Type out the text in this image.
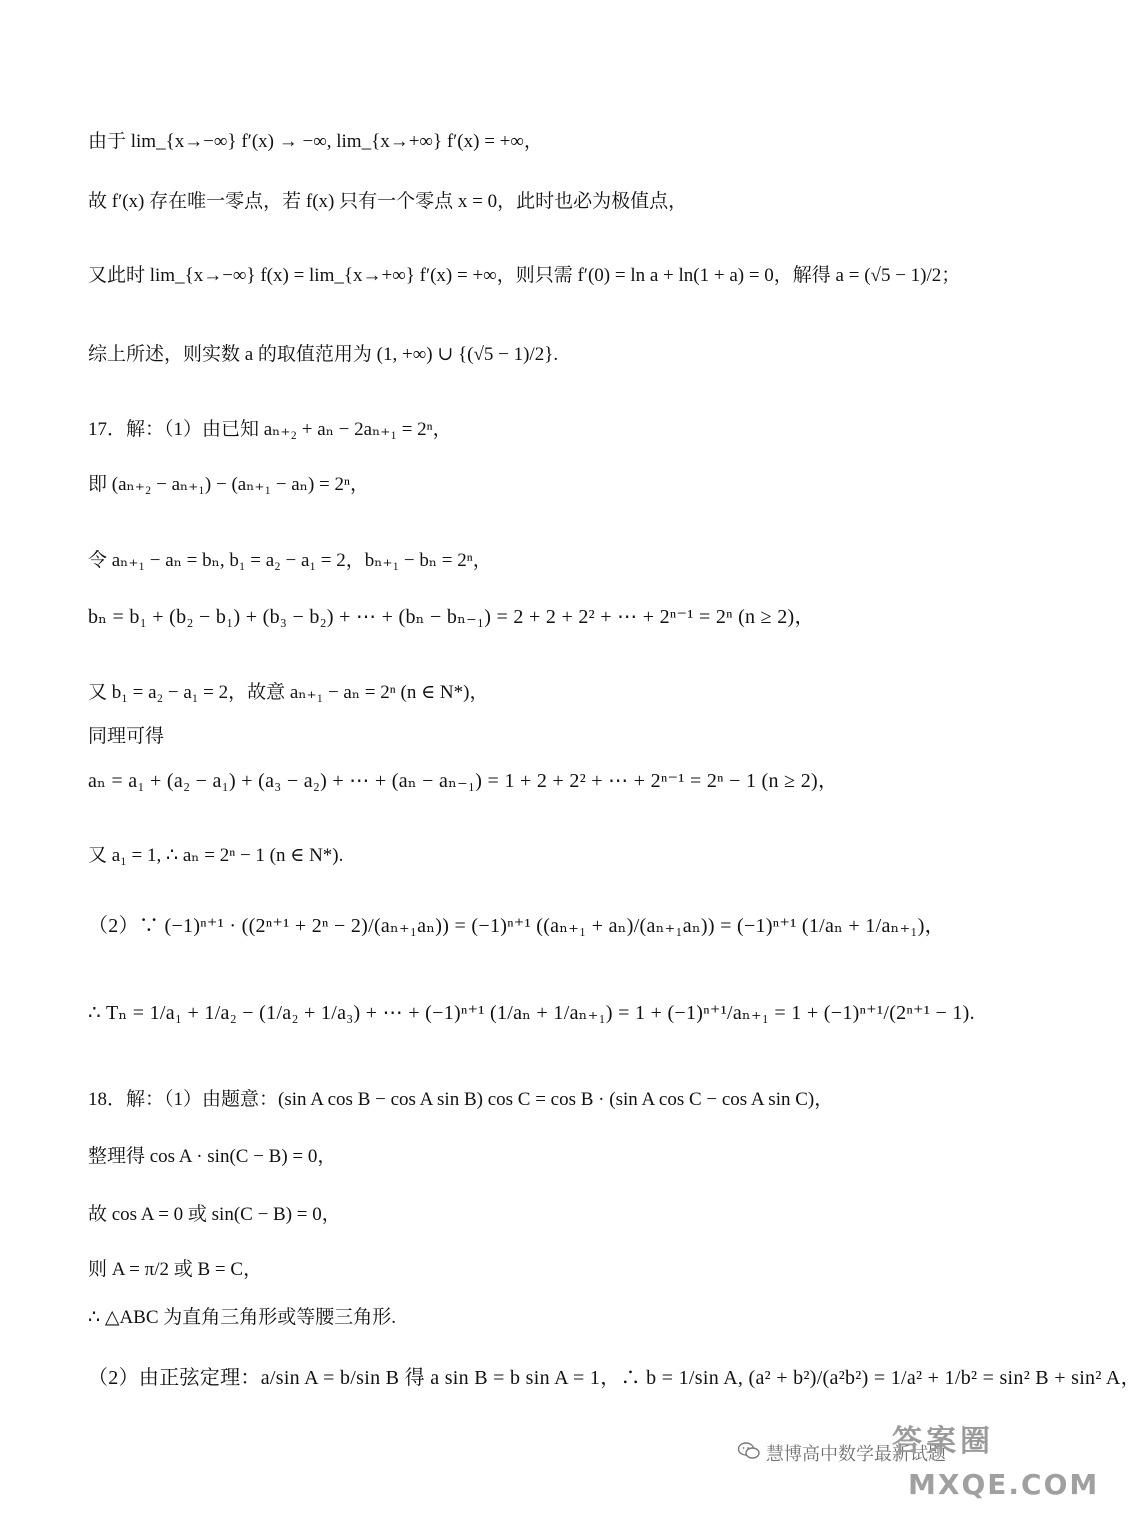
由于 lim_{x→−∞} f′(x) → −∞, lim_{x→+∞} f′(x) = +∞，
故 f′(x) 存在唯一零点，若 f(x) 只有一个零点 x = 0，此时也必为极值点，
又此时 lim_{x→−∞} f(x) = lim_{x→+∞} f′(x) = +∞，则只需 f′(0) = ln a + ln(1 + a) = 0，解得 a = (√5 − 1)/2；
综上所述，则实数 a 的取值范用为 (1, +∞) ∪ {(√5 − 1)/2}.
17．解：（1）由已知 aₙ₊₂ + aₙ − 2aₙ₊₁ = 2ⁿ，
即 (aₙ₊₂ − aₙ₊₁) − (aₙ₊₁ − aₙ) = 2ⁿ，
令 aₙ₊₁ − aₙ = bₙ, b₁ = a₂ − a₁ = 2，bₙ₊₁ − bₙ = 2ⁿ，
bₙ = b₁ + (b₂ − b₁) + (b₃ − b₂) + ⋯ + (bₙ − bₙ₋₁) = 2 + 2 + 2² + ⋯ + 2ⁿ⁻¹ = 2ⁿ (n ≥ 2)，
又 b₁ = a₂ − a₁ = 2，故意 aₙ₊₁ − aₙ = 2ⁿ (n ∈ N*)，
同理可得
aₙ = a₁ + (a₂ − a₁) + (a₃ − a₂) + ⋯ + (aₙ − aₙ₋₁) = 1 + 2 + 2² + ⋯ + 2ⁿ⁻¹ = 2ⁿ − 1 (n ≥ 2)，
又 a₁ = 1, ∴ aₙ = 2ⁿ − 1 (n ∈ N*).
（2）∵ (−1)ⁿ⁺¹ · ((2ⁿ⁺¹ + 2ⁿ − 2)/(aₙ₊₁aₙ)) = (−1)ⁿ⁺¹ ((aₙ₊₁ + aₙ)/(aₙ₊₁aₙ)) = (−1)ⁿ⁺¹ (1/aₙ + 1/aₙ₊₁)，
∴ Tₙ = 1/a₁ + 1/a₂ − (1/a₂ + 1/a₃) + ⋯ + (−1)ⁿ⁺¹ (1/aₙ + 1/aₙ₊₁) = 1 + (−1)ⁿ⁺¹/aₙ₊₁ = 1 + (−1)ⁿ⁺¹/(2ⁿ⁺¹ − 1).
18．解：（1）由题意：(sin A cos B − cos A sin B) cos C = cos B · (sin A cos C − cos A sin C)，
整理得 cos A · sin(C − B) = 0，
故 cos A = 0 或 sin(C − B) = 0，
则 A = π/2 或 B = C，
∴ △ABC 为直角三角形或等腰三角形.
（2）由正弦定理：a/sin A = b/sin B 得 a sin B = b sin A = 1，∴ b = 1/sin A, (a² + b²)/(a²b²) = 1/a² + 1/b² = sin² B + sin² A，
慧博高中数学最新试题
答案圈
MXQE.COM
